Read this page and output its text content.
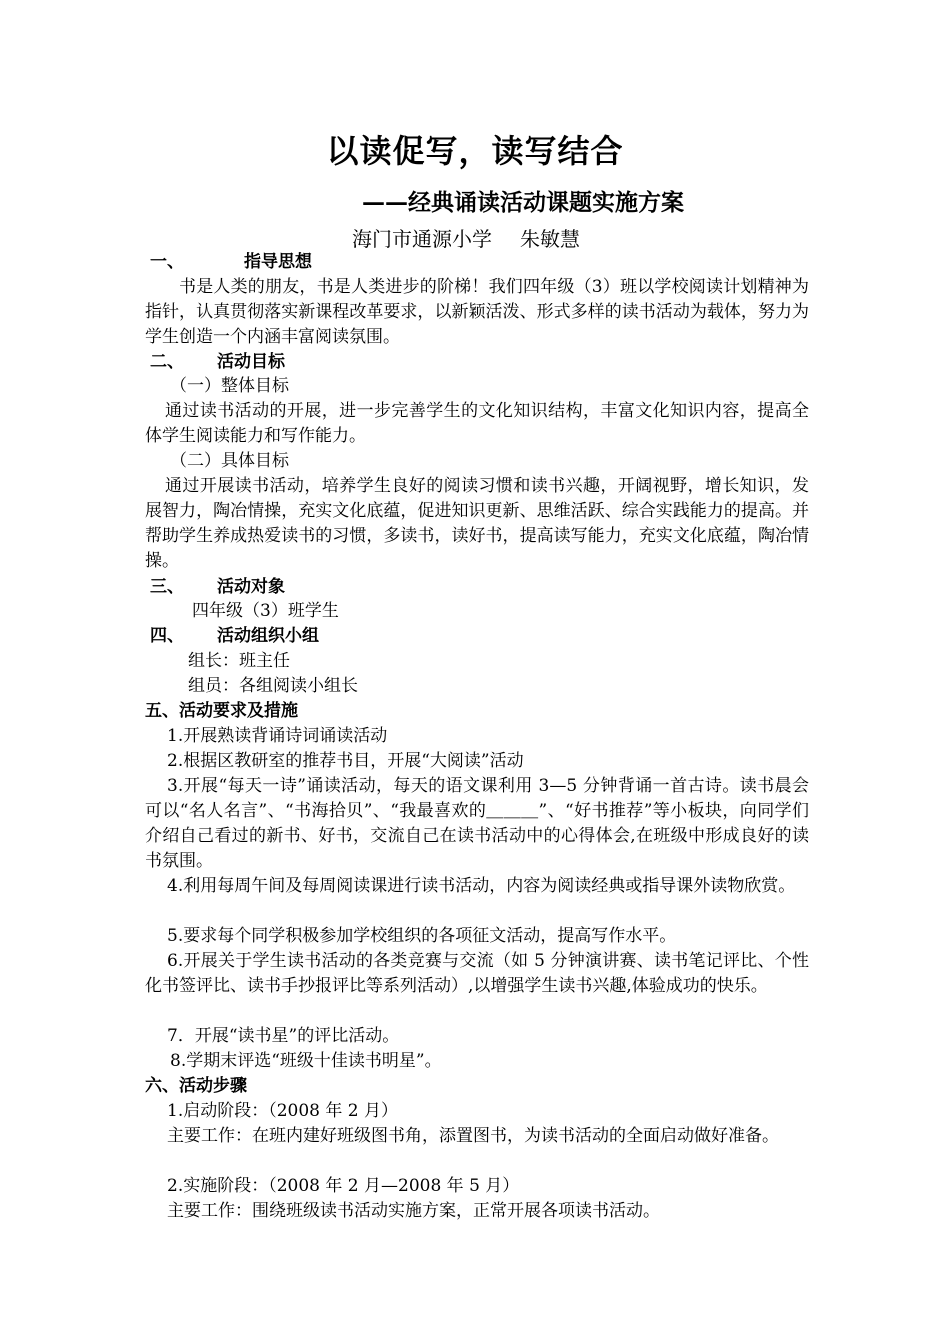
以读促写，读写结合
——经典诵读活动课题实施方案
海门市通源小学 朱敏慧
一、	指导思想
书是人类的朋友，书是人类进步的阶梯！我们四年级（3）班以学校阅读计划精神为指针，认真贯彻落实新课程改革要求，以新颖活泼、形式多样的读书活动为载体，努力为学生创造一个内涵丰富阅读氛围。
二、 活动目标
（一）整体目标
通过读书活动的开展，进一步完善学生的文化知识结构，丰富文化知识内容，提高全体学生阅读能力和写作能力。
（二）具体目标
通过开展读书活动，培养学生良好的阅读习惯和读书兴趣，开阔视野，增长知识，发展智力，陶冶情操，充实文化底蕴，促进知识更新、思维活跃、综合实践能力的提高。并帮助学生养成热爱读书的习惯，多读书，读好书，提高读写能力，充实文化底蕴，陶冶情操。
三、 活动对象
四年级（3）班学生
四、 活动组织小组
组长：班主任
组员：各组阅读小组长
五、活动要求及措施
1.开展熟读背诵诗词诵读活动
2.根据区教研室的推荐书目，开展“大阅读”活动
3.开展“每天一诗”诵读活动，每天的语文课利用 3—5 分钟背诵一首古诗。读书晨会可以“名人名言”、“书海拾贝”、“我最喜欢的＿＿＿”、“好书推荐”等小板块，向同学们介绍自己看过的新书、好书，交流自己在读书活动中的心得体会,在班级中形成良好的读书氛围。
4.利用每周午间及每周阅读课进行读书活动，内容为阅读经典或指导课外读物欣赏。
5.要求每个同学积极参加学校组织的各项征文活动，提高写作水平。
6.开展关于学生读书活动的各类竞赛与交流（如 5 分钟演讲赛、读书笔记评比、个性化书签评比、读书手抄报评比等系列活动）,以增强学生读书兴趣,体验成功的快乐。
7．开展“读书星”的评比活动。
8.学期末评选“班级十佳读书明星”。
六、活动步骤
1.启动阶段：（2008 年 2 月）
主要工作：在班内建好班级图书角，添置图书，为读书活动的全面启动做好准备。
2.实施阶段：（2008 年 2 月—2008 年 5 月）
主要工作：围绕班级读书活动实施方案，正常开展各项读书活动。
